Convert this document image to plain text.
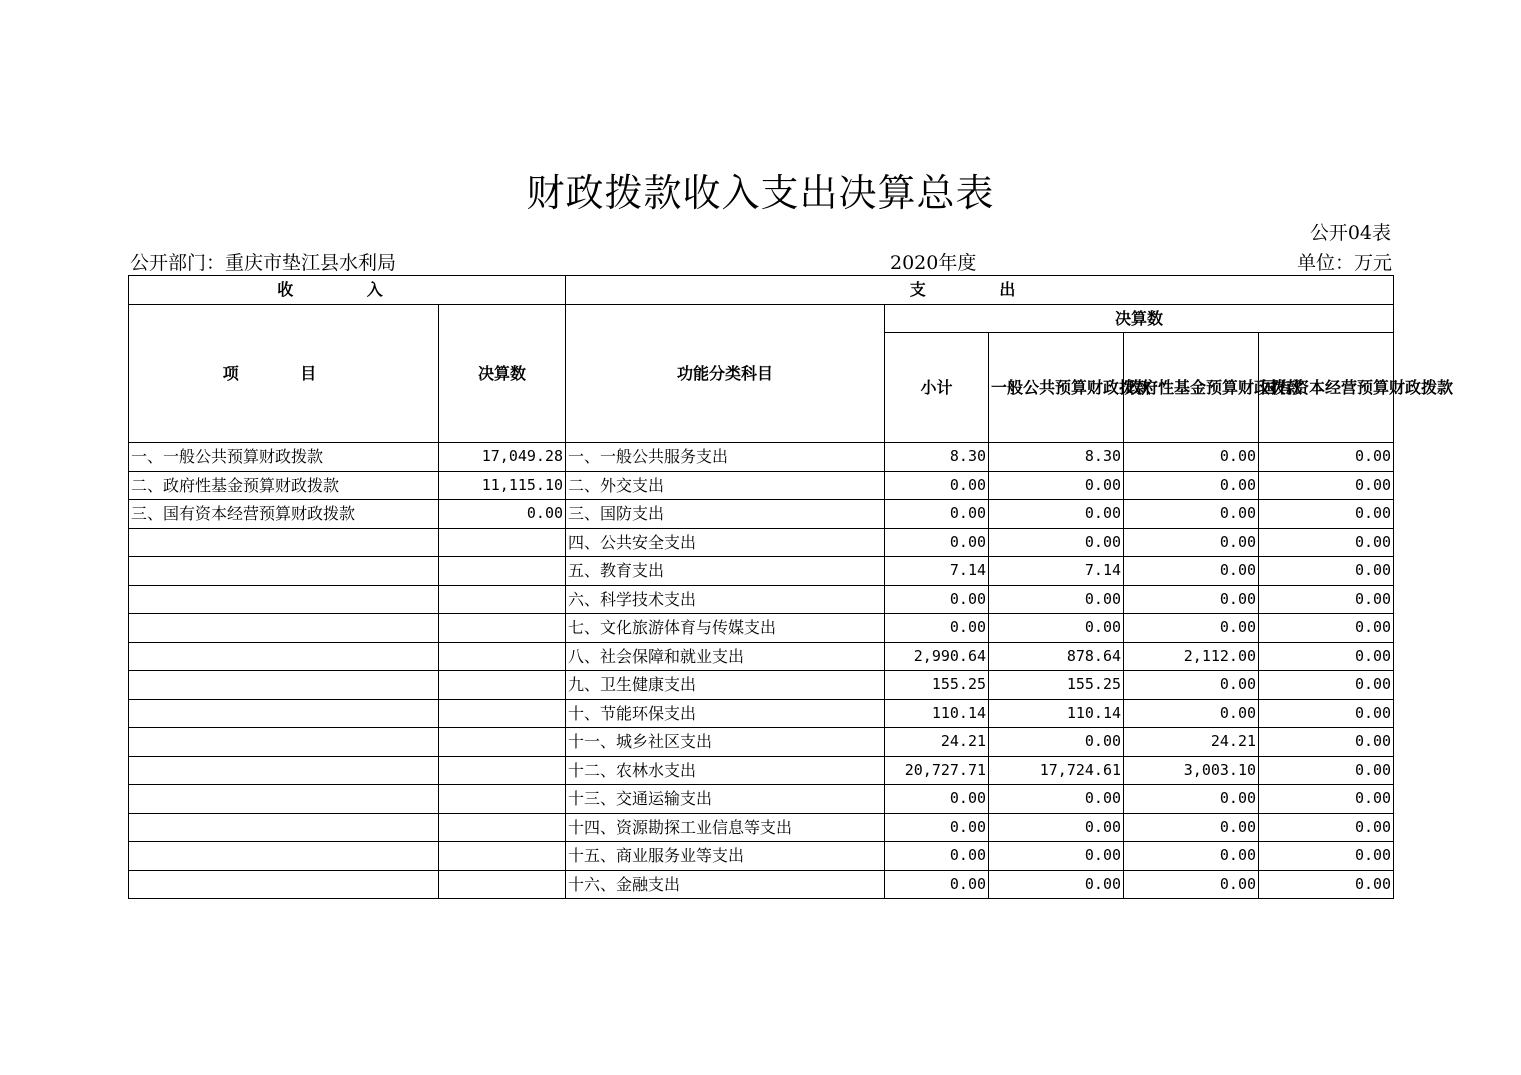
财政拨款收入支出决算总表
公开04表
公开部门：重庆市垫江县水利局	2020年度	单位：万元
收 入		支 出				
项 目	决算数	功能分类科目	决算数			
			小计	一般公共预算财政拨款	政府性基金预算财政拨款	国有资本经营预算财政拨款
一、一般公共预算财政拨款	17,049.28	一、一般公共服务支出	8.30	8.30	0.00	0.00
二、政府性基金预算财政拨款	11,115.10	二、外交支出	0.00	0.00	0.00	0.00
三、国有资本经营预算财政拨款	0.00	三、国防支出	0.00	0.00	0.00	0.00
		四、公共安全支出	0.00	0.00	0.00	0.00
		五、教育支出	7.14	7.14	0.00	0.00
		六、科学技术支出	0.00	0.00	0.00	0.00
		七、文化旅游体育与传媒支出	0.00	0.00	0.00	0.00
		八、社会保障和就业支出	2,990.64	878.64	2,112.00	0.00
		九、卫生健康支出	155.25	155.25	0.00	0.00
		十、节能环保支出	110.14	110.14	0.00	0.00
		十一、城乡社区支出	24.21	0.00	24.21	0.00
		十二、农林水支出	20,727.71	17,724.61	3,003.10	0.00
		十三、交通运输支出	0.00	0.00	0.00	0.00
		十四、资源勘探工业信息等支出	0.00	0.00	0.00	0.00
		十五、商业服务业等支出	0.00	0.00	0.00	0.00
		十六、金融支出	0.00	0.00	0.00	0.00
